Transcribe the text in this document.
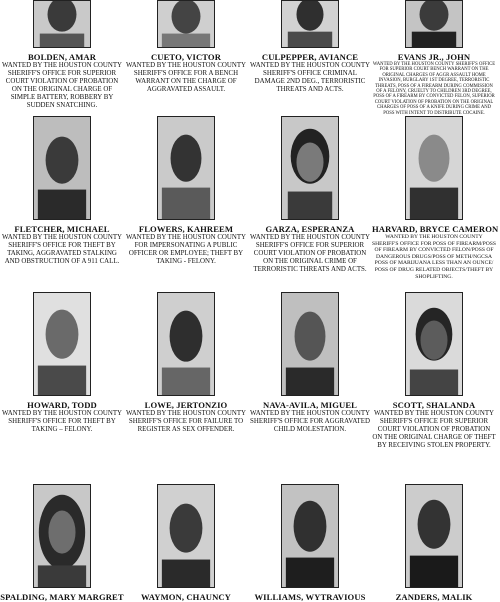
BOLDEN, AMAR
WANTED BY THE HOUSTON COUNTY SHERIFF'S OFFICE FOR SUPERIOR COURT VIOLATION OF PROBATION ON THE ORIGINAL CHARGE OF SIMPLE BATTERY, ROBBERY BY SUDDEN SNATCHING.
CUETO, VICTOR
WANTED BY THE HOUSTON COUNTY SHERIFF'S OFFICE FOR A BENCH WARRANT ON THE CHARGE OF AGGRAVATED ASSAULT.
CULPEPPER, AVIANCE
WANTED BY THE HOUSTON COUNTY SHERIFF'S OFFICE CRIMINAL DAMAGE 2ND DEG., TERRORISTIC THREATS AND ACTS.
EVANS JR., JOHN
WANTED BY THE HOUSTON COUNTY SHERIFF'S OFFICE FOR SUPERIOR COURT BENCH WARRANT ON THE ORIGINAL CHARGES OF AGGR ASSAULT HOME INVASION, BURGLARY 1ST DEGREE, TERRORISTIC THREATS, POSS OF A FIREARM DURING COMMISSION OF A FELONY, CRUELTY TO CHILDREN 3RD DEGREE, POSS OF A FIREARM BY CONVICTED FELON, SUPERIOR COURT VIOLATION OF PROBATION ON THE ORIGINAL CHARGES OF POSS OF A KNIFE DURING CRIME AND POSS WITH INTENT TO DISTRIBUTE COCAINE.
FLETCHER, MICHAEL
WANTED BY THE HOUSTON COUNTY SHERIFF'S OFFICE FOR THEFT BY TAKING, AGGRAVATED STALKING AND OBSTRUCTION OF A 911 CALL.
FLOWERS, KAHREEM
WANTED BY THE HOUSTON COUNTY FOR IMPERSONATING A PUBLIC OFFICER OR EMPLOYEE; THEFT BY TAKING - FELONY.
GARZA, ESPERANZA
WANTED BY THE HOUSTON COUNTY SHERIFF'S OFFICE FOR SUPERIOR COURT VIOLATION OF PROBATION ON THE ORIGINAL CRIME OF TERRORISTIC THREATS AND ACTS.
HARVARD, BRYCE CAMERON
WANTED BY THE HOUSTON COUNTY SHERIFF'S OFFICE FOR POSS OF FIREARM/POSS OF FIREARM BY CONVICTED FELON/POSS OF DANGEROUS DRUGS/POSS OF METH/NGCSA POSS OF MARIJUANA LESS THAN AN OUNCE/ POSS OF DRUG RELATED OBJECTS/THEFT BY SHOPLIFTING.
HOWARD, TODD
WANTED BY THE HOUSTON COUNTY SHERIFF'S OFFICE FOR THEFT BY TAKING – FELONY.
LOWE, JERTONZIO
WANTED BY THE HOUSTON COUNTY SHERIFF'S OFFICE FOR FAILURE TO REGISTER AS SEX OFFENDER.
NAVA-AVILA, MIGUEL
WANTED BY THE HOUSTON COUNTY SHERIFF'S OFFICE FOR AGGRAVATED CHILD MOLESTATION.
SCOTT, SHALANDA
WANTED BY THE HOUSTON COUNTY SHERIFF'S OFFICE FOR SUPERIOR COURT VIOLATION OF PROBATION ON THE ORIGINAL CHARGE OF THEFT BY RECEIVING STOLEN PROPERTY.
SPALDING, MARY MARGRET	WAYMON, CHAUNCY	WILLIAMS, WYTRAVIOUS	ZANDERS, MALIK
